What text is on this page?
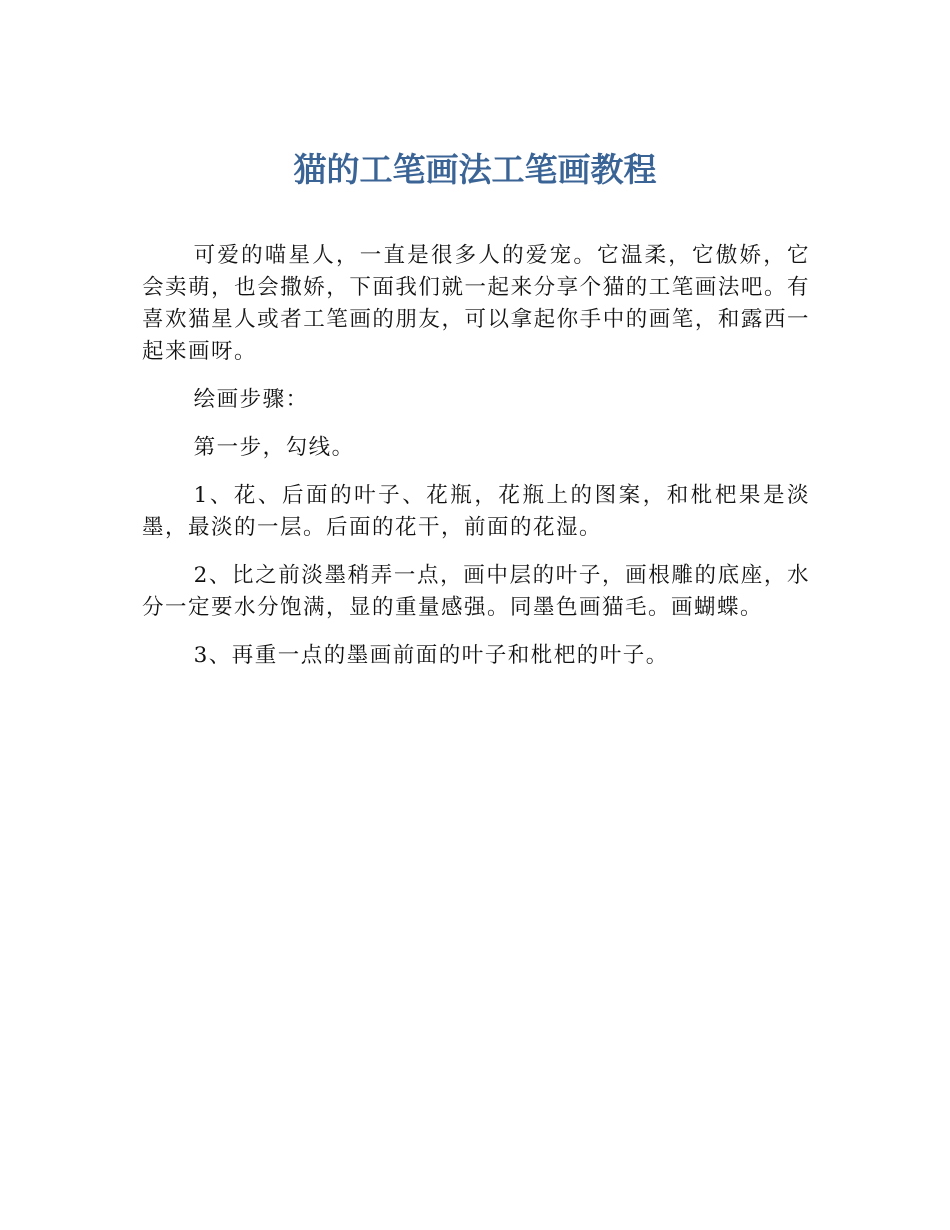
猫的工笔画法工笔画教程

可爱的喵星人，一直是很多人的爱宠。它温柔，它傲娇，它会卖萌，也会撒娇，下面我们就一起来分享个猫的工笔画法吧。有喜欢猫星人或者工笔画的朋友，可以拿起你手中的画笔，和露西一起来画呀。

绘画步骤：

第一步，勾线。

1、花、后面的叶子、花瓶，花瓶上的图案，和枇杷果是淡墨，最淡的一层。后面的花干，前面的花湿。

2、比之前淡墨稍弄一点，画中层的叶子，画根雕的底座，水分一定要水分饱满，显的重量感强。同墨色画猫毛。画蝴蝶。

3、再重一点的墨画前面的叶子和枇杷的叶子。
